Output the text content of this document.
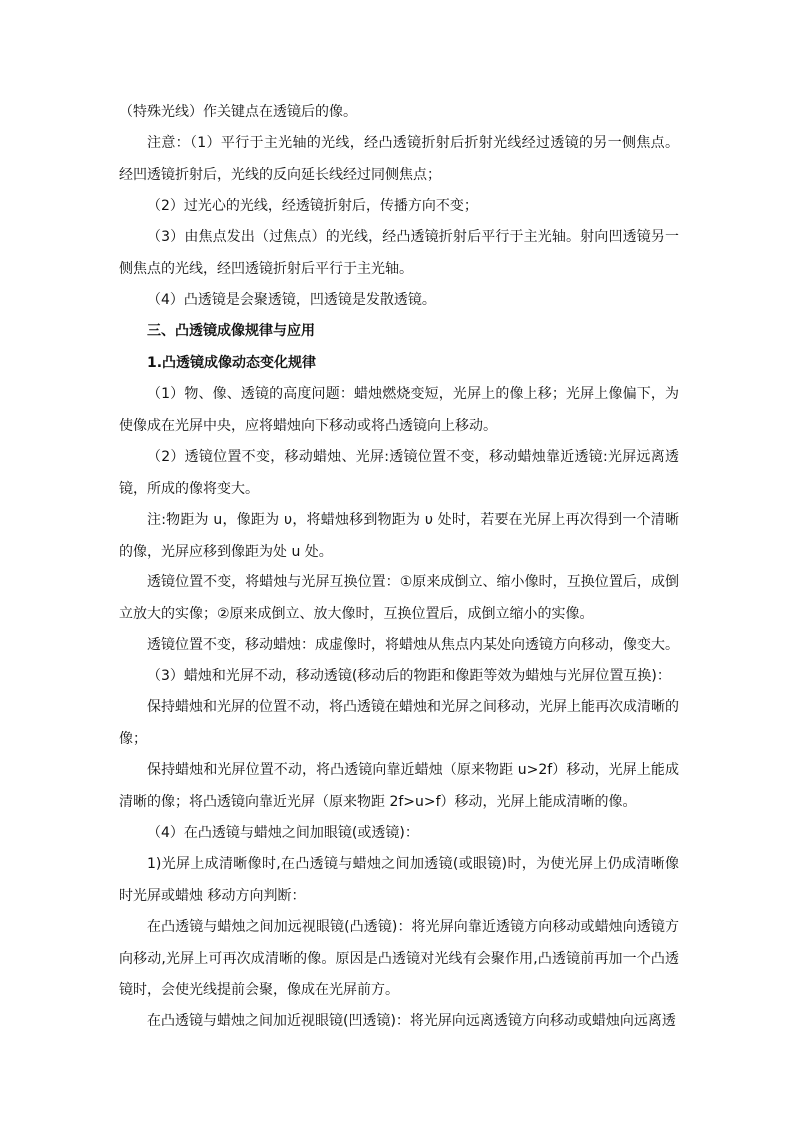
（特殊光线）作关键点在透镜后的像。

注意：（1）平行于主光轴的光线，经凸透镜折射后折射光线经过透镜的另一侧焦点。经凹透镜折射后，光线的反向延长线经过同侧焦点；

（2）过光心的光线，经透镜折射后，传播方向不变；

（3）由焦点发出（过焦点）的光线，经凸透镜折射后平行于主光轴。射向凹透镜另一侧焦点的光线，经凹透镜折射后平行于主光轴。

（4）凸透镜是会聚透镜，凹透镜是发散透镜。

三、凸透镜成像规律与应用

1.凸透镜成像动态变化规律

（1）物、像、透镜的高度问题：蜡烛燃烧变短，光屏上的像上移；光屏上像偏下，为使像成在光屏中央，应将蜡烛向下移动或将凸透镜向上移动。

（2）透镜位置不变，移动蜡烛、光屏:透镜位置不变，移动蜡烛靠近透镜:光屏远离透镜，所成的像将变大。

注:物距为 u，像距为 υ，将蜡烛移到物距为 υ 处时，若要在光屏上再次得到一个清晰的像，光屏应移到像距为处 u 处。

透镜位置不变，将蜡烛与光屏互换位置：①原来成倒立、缩小像时，互换位置后，成倒立放大的实像；②原来成倒立、放大像时，互换位置后，成倒立缩小的实像。

透镜位置不变，移动蜡烛：成虚像时，将蜡烛从焦点内某处向透镜方向移动，像变大。

（3）蜡烛和光屏不动，移动透镜(移动后的物距和像距等效为蜡烛与光屏位置互换)：

保持蜡烛和光屏的位置不动，将凸透镜在蜡烛和光屏之间移动，光屏上能再次成清晰的像；

保持蜡烛和光屏位置不动，将凸透镜向靠近蜡烛（原来物距 u>2f）移动，光屏上能成清晰的像；将凸透镜向靠近光屏（原来物距 2f>u>f）移动，光屏上能成清晰的像。

（4）在凸透镜与蜡烛之间加眼镜(或透镜)：

1)光屏上成清晰像时,在凸透镜与蜡烛之间加透镜(或眼镜)时，为使光屏上仍成清晰像时光屏或蜡烛 移动方向判断：

在凸透镜与蜡烛之间加远视眼镜(凸透镜)：将光屏向靠近透镜方向移动或蜡烛向透镜方向移动,光屏上可再次成清晰的像。原因是凸透镜对光线有会聚作用,凸透镜前再加一个凸透镜时，会使光线提前会聚，像成在光屏前方。

在凸透镜与蜡烛之间加近视眼镜(凹透镜)：将光屏向远离透镜方向移动或蜡烛向远离透
